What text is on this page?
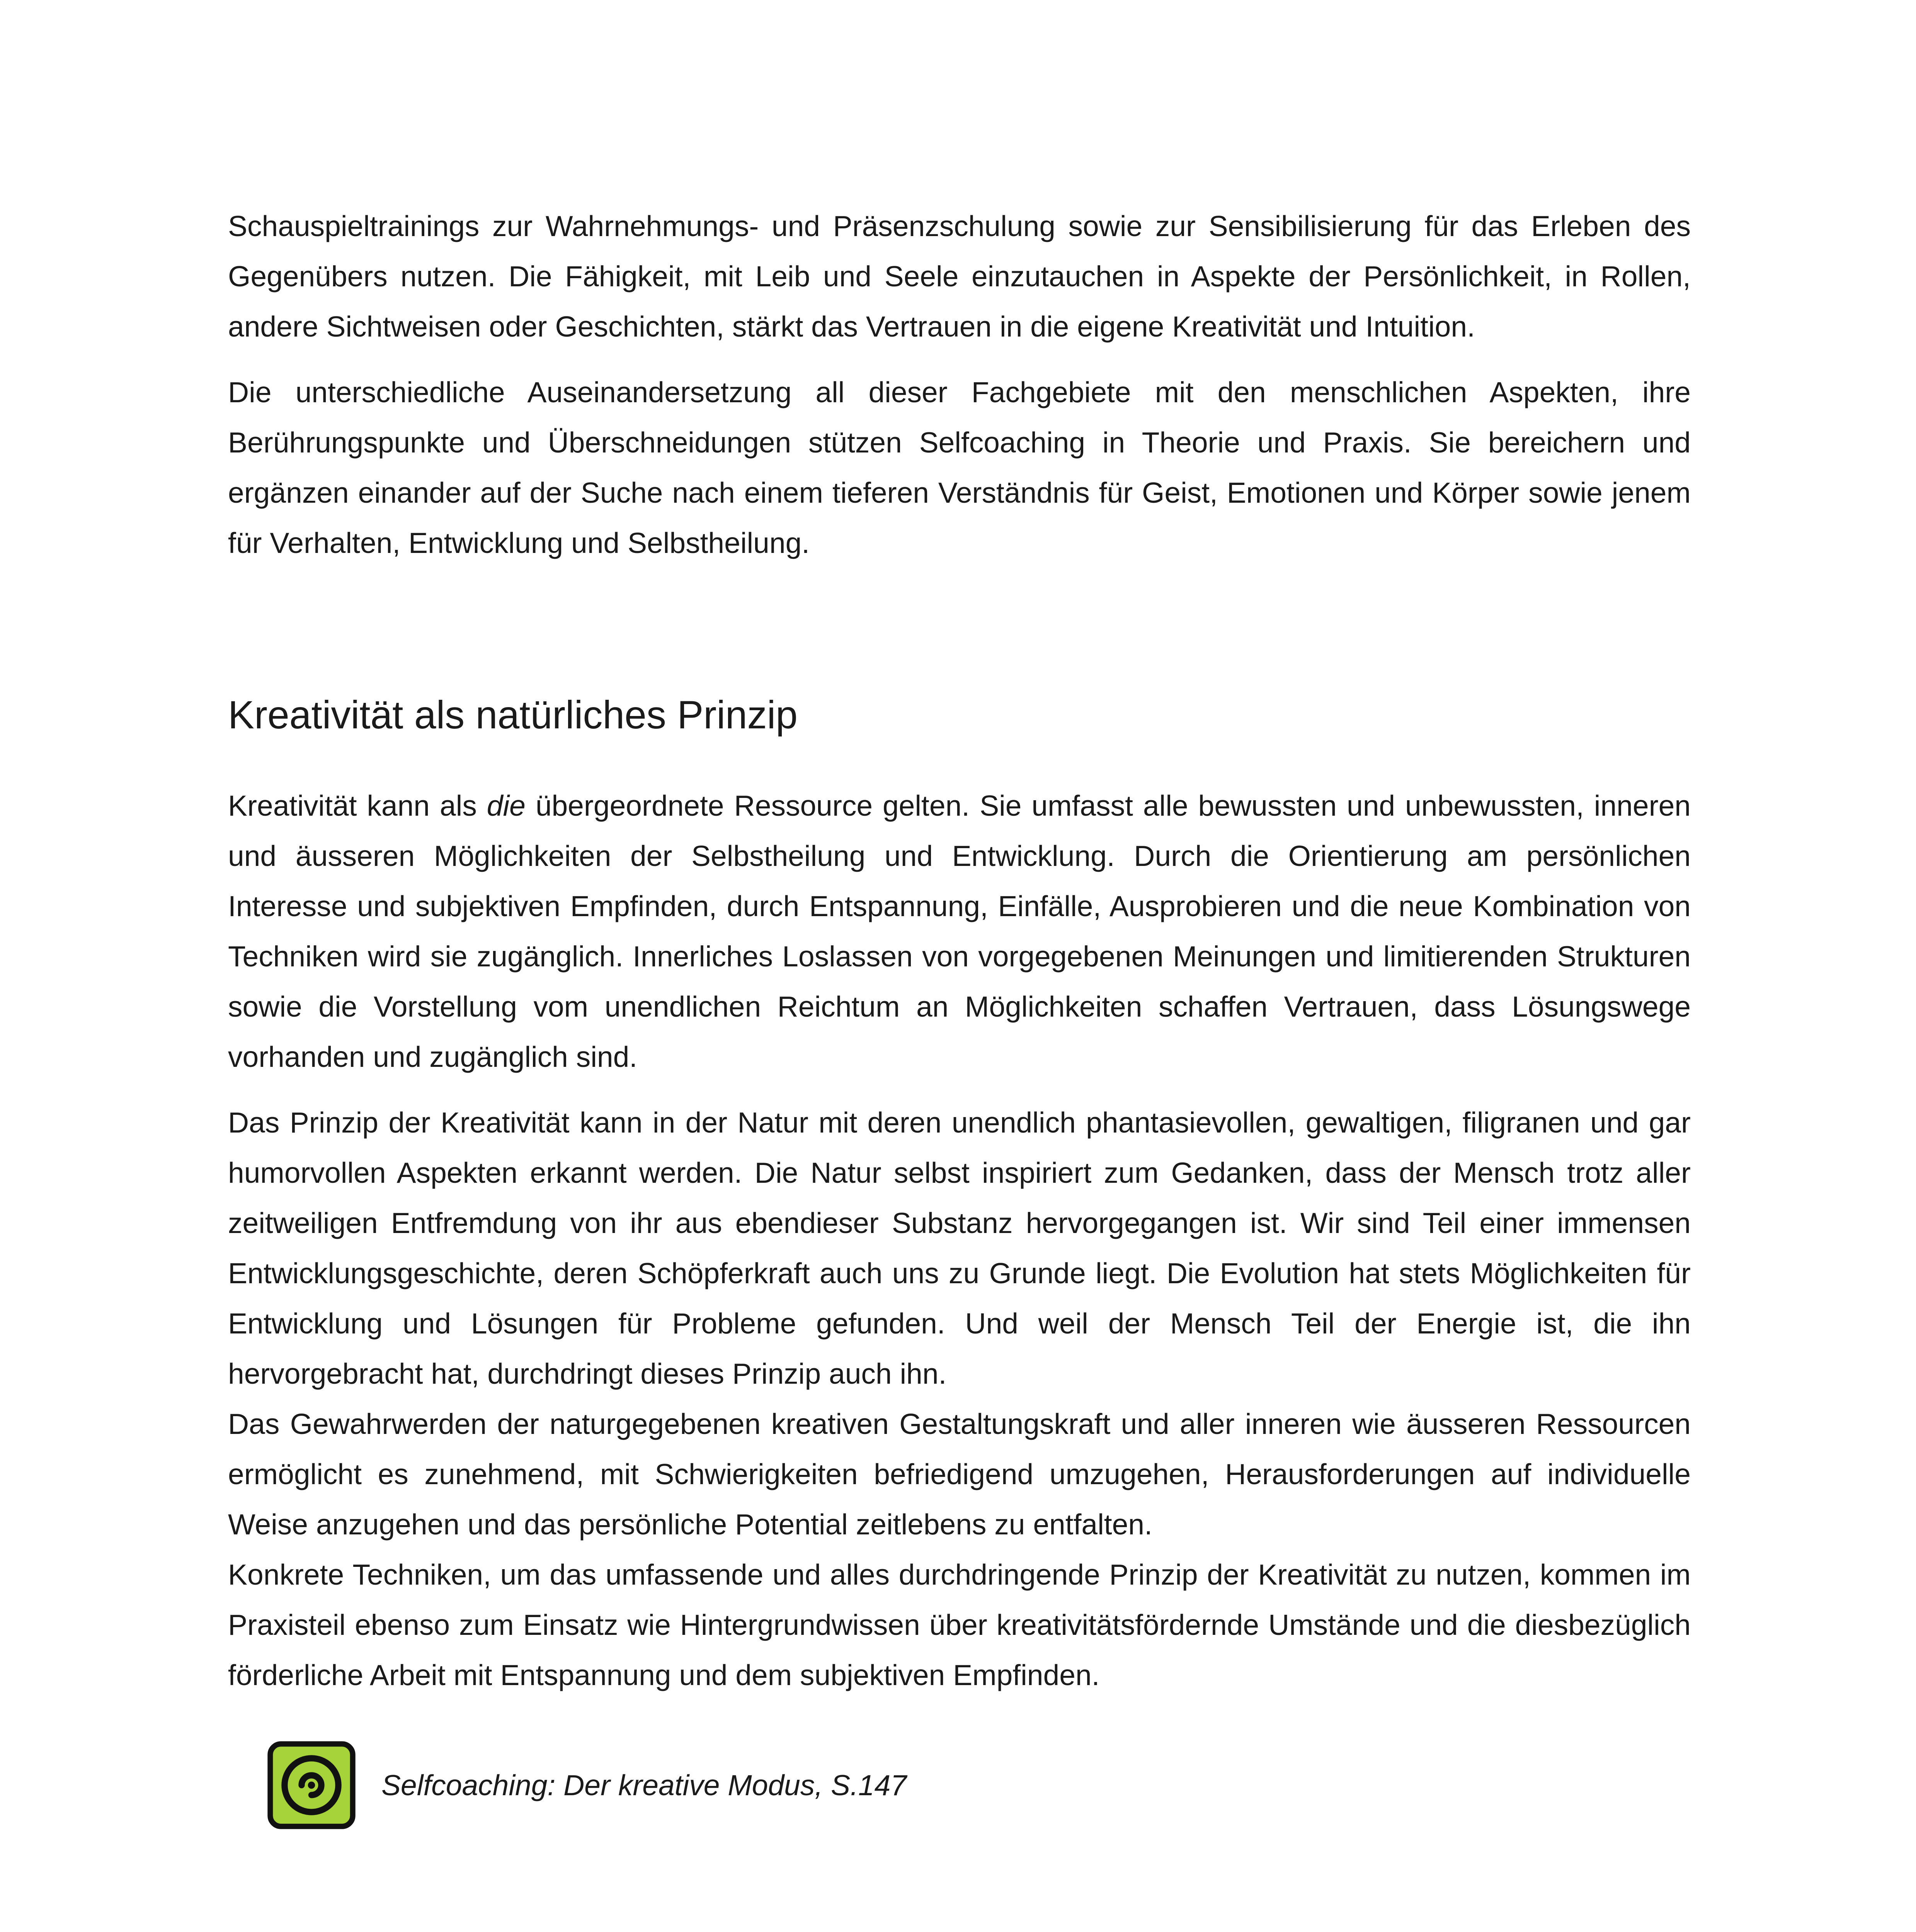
Schauspieltrainings zur Wahrnehmungs- und Präsenzschulung sowie zur Sensibilisierung für das Erleben des Gegenübers nutzen. Die Fähigkeit, mit Leib und Seele einzutauchen in Aspekte der Persönlichkeit, in Rollen, andere Sichtweisen oder Geschichten, stärkt das Vertrauen in die eigene Kreativität und Intuition.

Die unterschiedliche Auseinandersetzung all dieser Fachgebiete mit den menschlichen Aspekten, ihre Berührungspunkte und Überschneidungen stützen Selfcoaching in Theorie und Praxis. Sie bereichern und ergänzen einander auf der Suche nach einem tieferen Verständnis für Geist, Emotionen und Körper sowie jenem für Verhalten, Entwicklung und Selbstheilung.

Kreativität als natürliches Prinzip

Kreativität kann als die übergeordnete Ressource gelten. Sie umfasst alle bewussten und unbewussten, inneren und äusseren Möglichkeiten der Selbstheilung und Entwicklung. Durch die Orientierung am persönlichen Interesse und subjektiven Empfinden, durch Entspannung, Einfälle, Ausprobieren und die neue Kombination von Techniken wird sie zugänglich. Innerliches Loslassen von vorgegebenen Meinungen und limitierenden Strukturen sowie die Vorstellung vom unendlichen Reichtum an Möglichkeiten schaffen Vertrauen, dass Lösungswege vorhanden und zugänglich sind.

Das Prinzip der Kreativität kann in der Natur mit deren unendlich phantasievollen, gewaltigen, filigranen und gar humorvollen Aspekten erkannt werden. Die Natur selbst inspiriert zum Gedanken, dass der Mensch trotz aller zeitweiligen Entfremdung von ihr aus ebendieser Substanz hervorgegangen ist. Wir sind Teil einer immensen Entwicklungsgeschichte, deren Schöpferkraft auch uns zu Grunde liegt. Die Evolution hat stets Möglichkeiten für Entwicklung und Lösungen für Probleme gefunden. Und weil der Mensch Teil der Energie ist, die ihn hervorgebracht hat, durchdringt dieses Prinzip auch ihn.

Das Gewahrwerden der naturgegebenen kreativen Gestaltungskraft und aller inneren wie äusseren Ressourcen ermöglicht es zunehmend, mit Schwierigkeiten befriedigend umzugehen, Herausforderungen auf individuelle Weise anzugehen und das persönliche Potential zeitlebens zu entfalten.

Konkrete Techniken, um das umfassende und alles durchdringende Prinzip der Kreativität zu nutzen, kommen im Praxisteil ebenso zum Einsatz wie Hintergrundwissen über kreativitätsfördernde Umstände und die diesbezüglich förderliche Arbeit mit Entspannung und dem subjektiven Empfinden.

Selfcoaching: Der kreative Modus, S.147
